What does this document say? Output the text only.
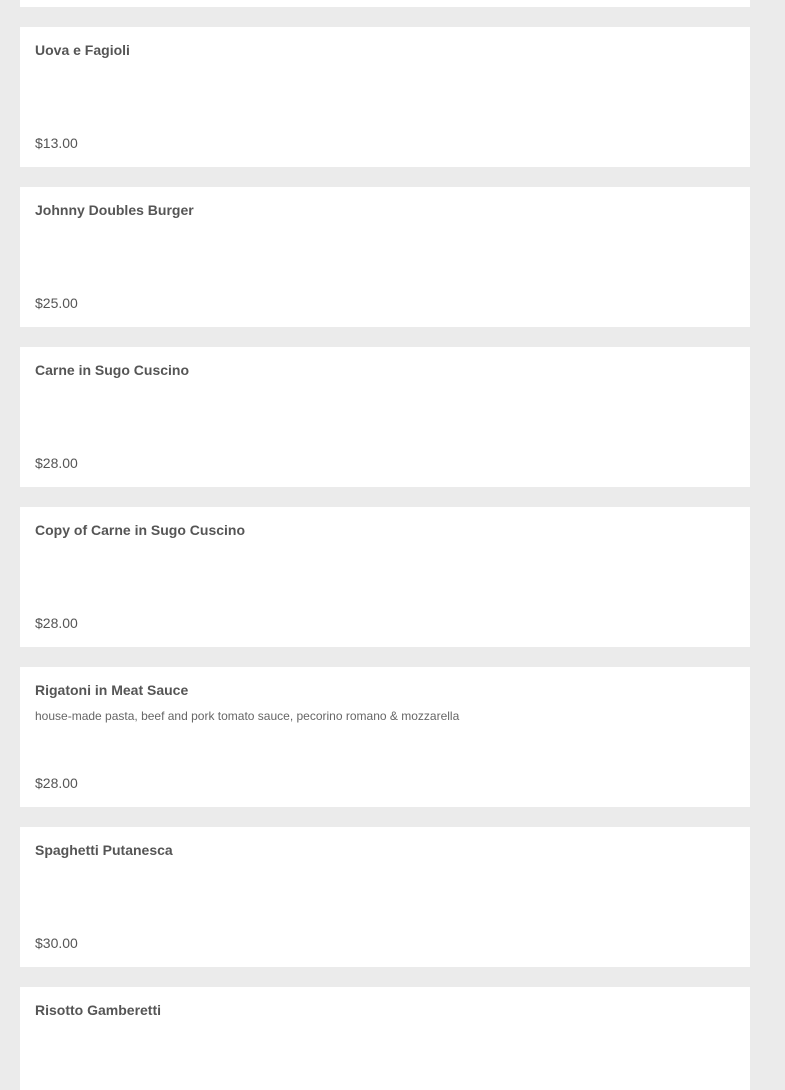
Uova e Fagioli
$13.00
Johnny Doubles Burger
$25.00
Carne in Sugo Cuscino
$28.00
Copy of Carne in Sugo Cuscino
$28.00
Rigatoni in Meat Sauce
house-made pasta, beef and pork tomato sauce, pecorino romano & mozzarella
$28.00
Spaghetti Putanesca
$30.00
Risotto Gamberetti
